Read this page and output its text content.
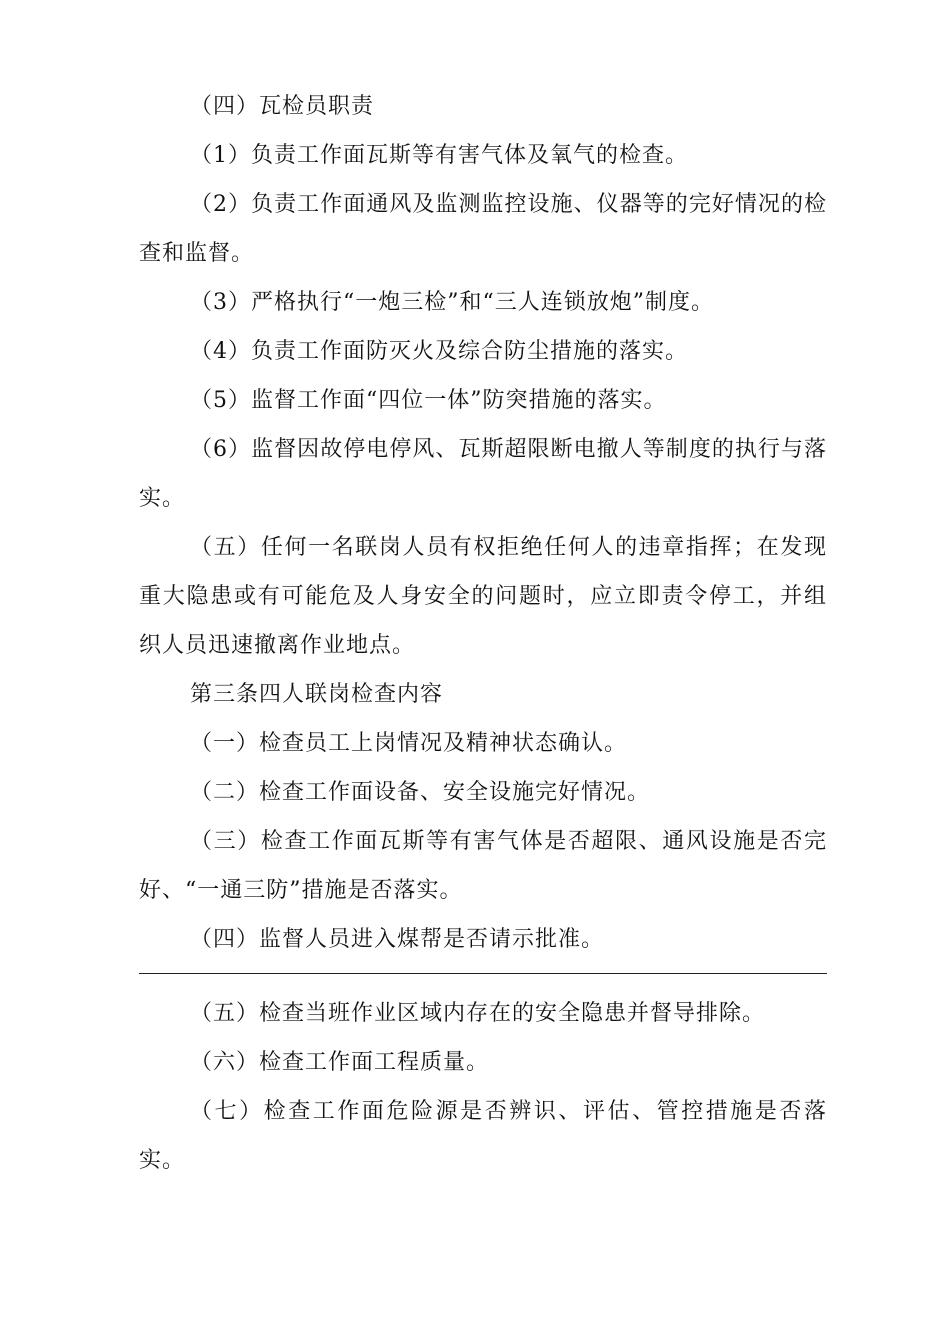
（四）瓦检员职责

（1）负责工作面瓦斯等有害气体及氧气的检查。

（2）负责工作面通风及监测监控设施、仪器等的完好情况的检查和监督。

（3）严格执行“一炮三检”和“三人连锁放炮”制度。

（4）负责工作面防灭火及综合防尘措施的落实。

（5）监督工作面“四位一体”防突措施的落实。

（6）监督因故停电停风、瓦斯超限断电撤人等制度的执行与落实。

（五）任何一名联岗人员有权拒绝任何人的违章指挥；在发现重大隐患或有可能危及人身安全的问题时，应立即责令停工，并组织人员迅速撤离作业地点。

第三条四人联岗检查内容

（一）检查员工上岗情况及精神状态确认。

（二）检查工作面设备、安全设施完好情况。

（三）检查工作面瓦斯等有害气体是否超限、通风设施是否完好、“一通三防”措施是否落实。

（四）监督人员进入煤帮是否请示批准。

（五）检查当班作业区域内存在的安全隐患并督导排除。

（六）检查工作面工程质量。

（七）检查工作面危险源是否辨识、评估、管控措施是否落实。
